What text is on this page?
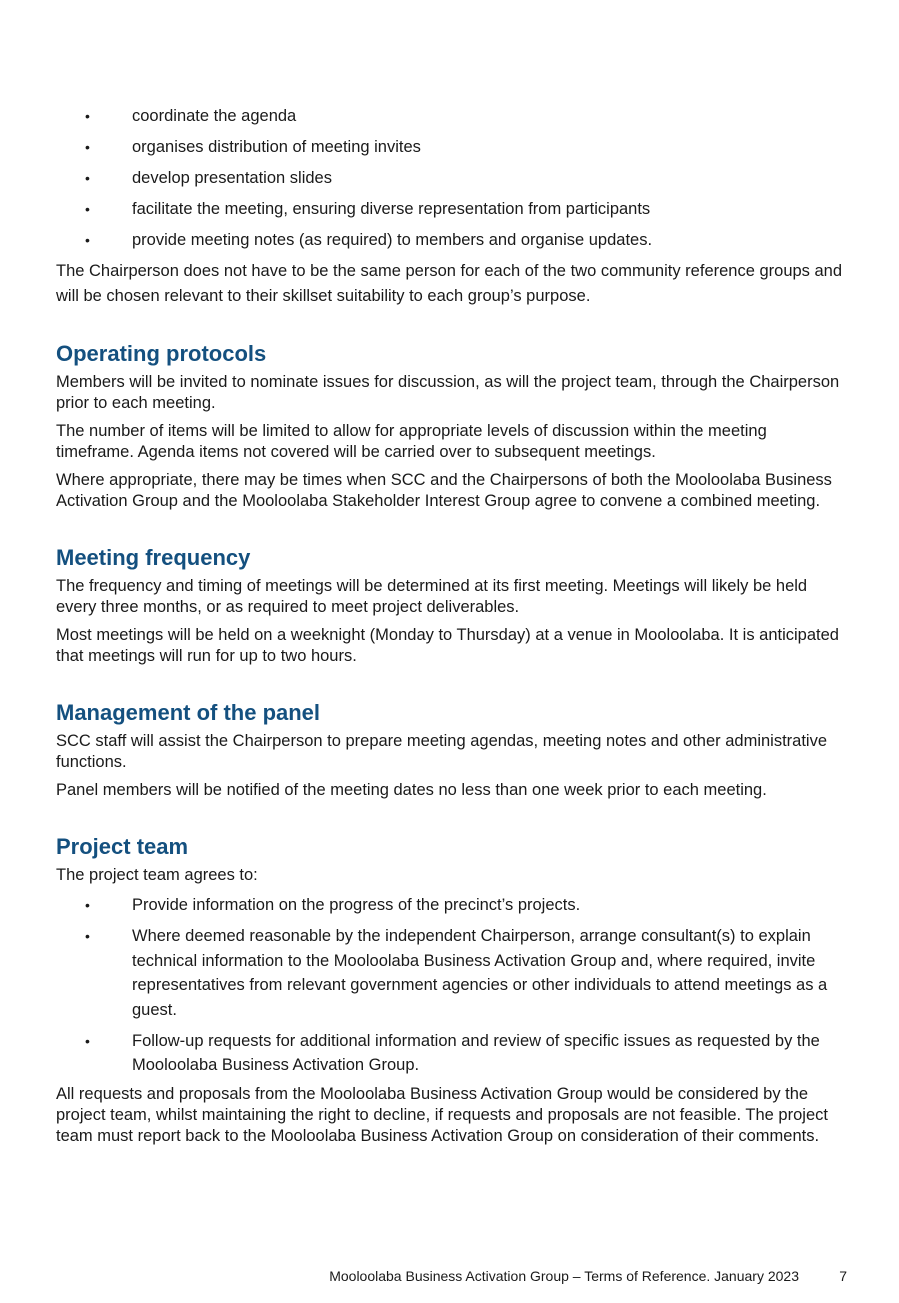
•	coordinate the agenda
•	organises distribution of meeting invites
•	develop presentation slides
•	facilitate the meeting, ensuring diverse representation from participants
•	provide meeting notes (as required) to members and organise updates.

The Chairperson does not have to be the same person for each of the two community reference groups and will be chosen relevant to their skillset suitability to each group’s purpose.

Operating protocols

Members will be invited to nominate issues for discussion, as will the project team, through the Chairperson prior to each meeting.

The number of items will be limited to allow for appropriate levels of discussion within the meeting timeframe. Agenda items not covered will be carried over to subsequent meetings.

Where appropriate, there may be times when SCC and the Chairpersons of both the Mooloolaba Business Activation Group and the Mooloolaba Stakeholder Interest Group agree to convene a combined meeting.

Meeting frequency

The frequency and timing of meetings will be determined at its first meeting. Meetings will likely be held every three months, or as required to meet project deliverables.

Most meetings will be held on a weeknight (Monday to Thursday) at a venue in Mooloolaba. It is anticipated that meetings will run for up to two hours.

Management of the panel

SCC staff will assist the Chairperson to prepare meeting agendas, meeting notes and other administrative functions.

Panel members will be notified of the meeting dates no less than one week prior to each meeting.

Project team

The project team agrees to:

•	Provide information on the progress of the precinct’s projects.
•	Where deemed reasonable by the independent Chairperson, arrange consultant(s) to explain technical information to the Mooloolaba Business Activation Group and, where required, invite representatives from relevant government agencies or other individuals to attend meetings as a guest.
•	Follow-up requests for additional information and review of specific issues as requested by the Mooloolaba Business Activation Group.

All requests and proposals from the Mooloolaba Business Activation Group would be considered by the project team, whilst maintaining the right to decline, if requests and proposals are not feasible. The project team must report back to the Mooloolaba Business Activation Group on consideration of their comments.

Mooloolaba Business Activation Group – Terms of Reference. January 2023	7
